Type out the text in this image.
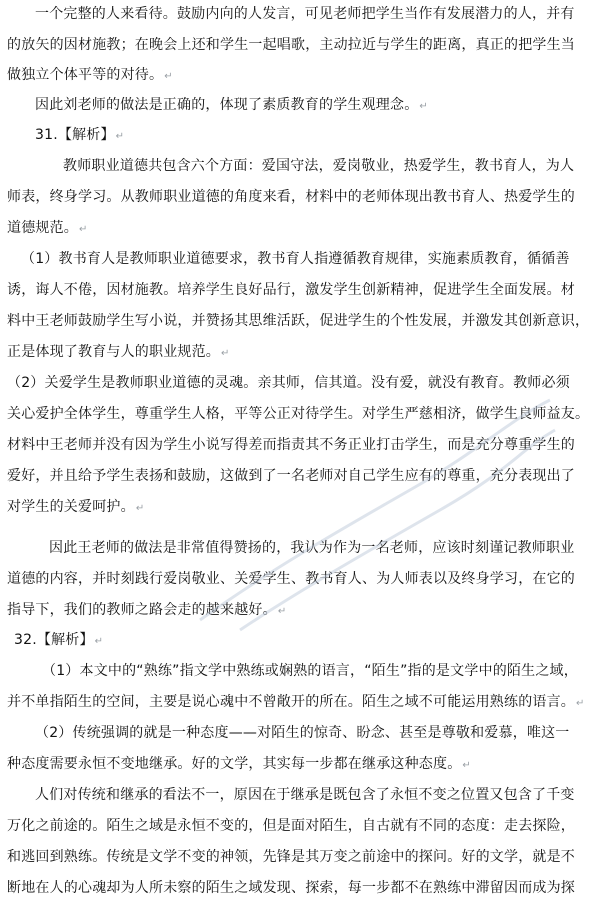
一个完整的人来看待。鼓励内向的人发言，可见老师把学生当作有发展潜力的人，并有
的放矢的因材施教；在晚会上还和学生一起唱歌，主动拉近与学生的距离，真正的把学生当
做独立个体平等的对待。↵
因此刘老师的做法是正确的，体现了素质教育的学生观理念。↵
31.【解析】↵
教师职业道德共包含六个方面：爱国守法，爱岗敬业，热爱学生，教书育人，为人
师表，终身学习。从教师职业道德的角度来看，材料中的老师体现出教书育人、热爱学生的
道德规范。↵
（1）教书育人是教师职业道德要求，教书育人指遵循教育规律，实施素质教育，循循善
诱，诲人不倦，因材施教。培养学生良好品行，激发学生创新精神，促进学生全面发展。材
料中王老师鼓励学生写小说，并赞扬其思维活跃，促进学生的个性发展，并激发其创新意识，
正是体现了教育与人的职业规范。↵
（2）关爱学生是教师职业道德的灵魂。亲其师，信其道。没有爱，就没有教育。教师必须
关心爱护全体学生，尊重学生人格，平等公正对待学生。对学生严慈相济，做学生良师益友。
材料中王老师并没有因为学生小说写得差而指责其不务正业打击学生，而是充分尊重学生的
爱好，并且给予学生表扬和鼓励，这做到了一名老师对自己学生应有的尊重，充分表现出了
对学生的关爱呵护。↵
因此王老师的做法是非常值得赞扬的，我认为作为一名老师，应该时刻谨记教师职业
道德的内容，并时刻践行爱岗敬业、关爱学生、教书育人、为人师表以及终身学习，在它的
指导下，我们的教师之路会走的越来越好。↵
32.【解析】↵
（1）本文中的“熟练”指文学中熟练或娴熟的语言，“陌生”指的是文学中的陌生之域，
并不单指陌生的空间，主要是说心魂中不曾敞开的所在。陌生之域不可能运用熟练的语言。↵
（2）传统强调的就是一种态度——对陌生的惊奇、盼念、甚至是尊敬和爱慕，唯这一
种态度需要永恒不变地继承。好的文学，其实每一步都在继承这种态度。↵
人们对传统和继承的看法不一，原因在于继承是既包含了永恒不变之位置又包含了千变
万化之前途的。陌生之域是永恒不变的，但是面对陌生，自古就有不同的态度：走去探险，
和逃回到熟练。传统是文学不变的神领，先锋是其万变之前途中的探问。好的文学，就是不
断地在人的心魂却为人所未察的陌生之域发现、探索，每一步都不在熟练中滞留因而成为探
